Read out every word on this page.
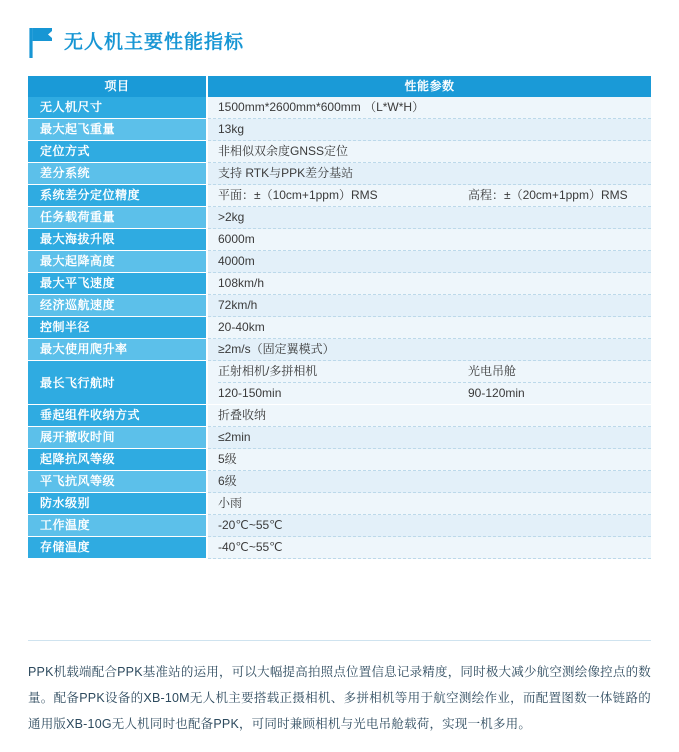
无人机主要性能指标
项目	性能参数
无人机尺寸	1500mm*2600mm*600mm （L*W*H）
最大起飞重量	13kg
定位方式	非相似双余度GNSS定位
差分系统	支持 RTK与PPK差分基站
系统差分定位精度	平面：±（10cm+1ppm）RMS 高程：±（20cm+1ppm）RMS

任务载荷重量	>2kg
最大海拔升限	6000m
最大起降高度	4000m
最大平飞速度	108km/h
经济巡航速度	72km/h
控制半径	20-40km
最大使用爬升率	≥2m/s（固定翼模式）
最长飞行航时	正射相机/多拼相机 光电吊舱
120-150min 90-120min

垂起组件收纳方式	折叠收纳
展开撤收时间	≤2min
起降抗风等级	5级
平飞抗风等级	6级
防水级别	小雨
工作温度	-20℃~55℃
存储温度	-40℃~55℃
PPK机载端配合PPK基准站的运用，可以大幅提高拍照点位置信息记录精度，同时极大减少航空测绘像控点的数量。配备PPK设备的XB-10M无人机主要搭载正摄相机、多拼相机等用于航空测绘作业，而配置图数一体链路的通用版XB-10G无人机同时也配备PPK，可同时兼顾相机与光电吊舱载荷，实现一机多用。
